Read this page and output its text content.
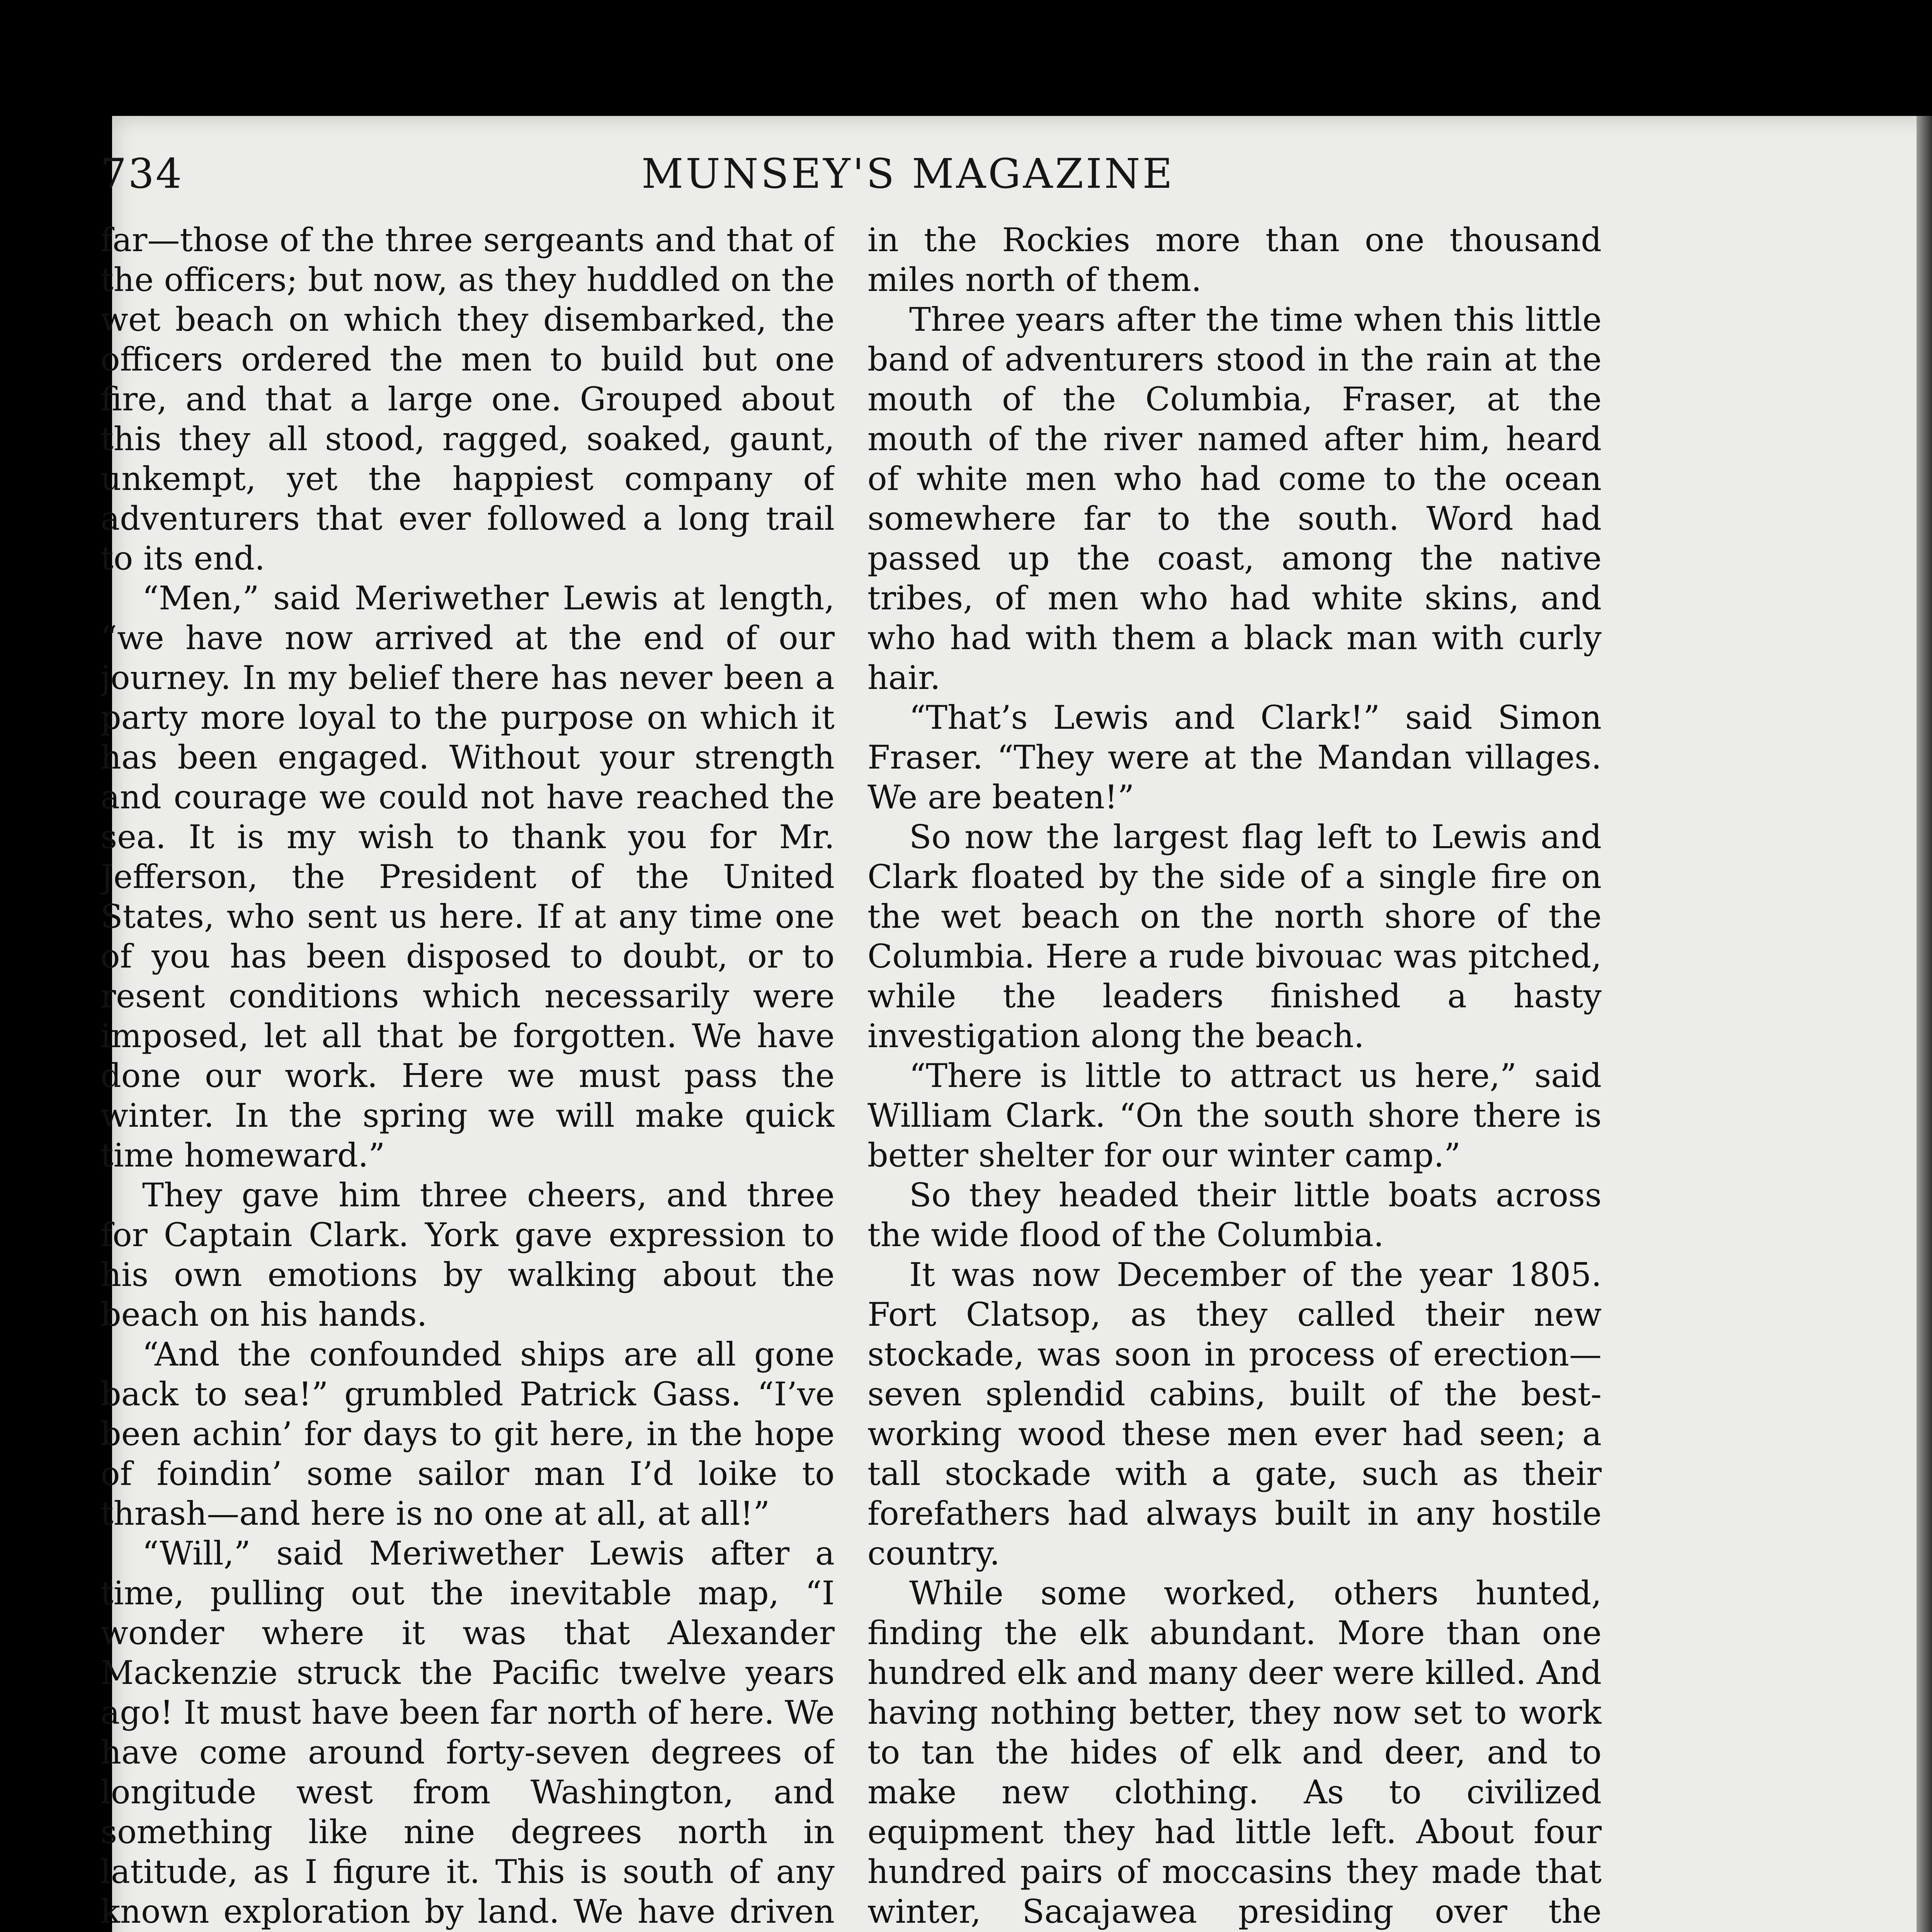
734	MUNSEY'S MAGAZINE

far—those of the three sergeants and that of the officers; but now, as they huddled on the wet beach on which they disembarked, the officers ordered the men to build but one fire, and that a large one. Grouped about this they all stood, ragged, soaked, gaunt, unkempt, yet the happiest company of adventurers that ever followed a long trail to its end.

“Men,” said Meriwether Lewis at length, “we have now arrived at the end of our journey. In my belief there has never been a party more loyal to the purpose on which it has been engaged. Without your strength and courage we could not have reached the sea. It is my wish to thank you for Mr. Jefferson, the President of the United States, who sent us here. If at any time one of you has been disposed to doubt, or to resent conditions which necessarily were imposed, let all that be forgotten. We have done our work. Here we must pass the winter. In the spring we will make quick time homeward.”

They gave him three cheers, and three for Captain Clark. York gave expression to his own emotions by walking about the beach on his hands.

“And the confounded ships are all gone back to sea!” grumbled Patrick Gass. “I’ve been achin’ for days to git here, in the hope of foindin’ some sailor man I’d loike to thrash—and here is no one at all, at all!”

“Will,” said Meriwether Lewis after a time, pulling out the inevitable map, “I wonder where it was that Alexander Mackenzie struck the Pacific twelve years ago! It must have been far north of here. We have come around forty-seven degrees of longitude west from Washington, and something like nine degrees north in latitude, as I figure it. This is south of any known exploration by land. We have driven

in the Rockies more than one thousand miles north of them.

Three years after the time when this little band of adventurers stood in the rain at the mouth of the Columbia, Fraser, at the mouth of the river named after him, heard of white men who had come to the ocean somewhere far to the south. Word had passed up the coast, among the native tribes, of men who had white skins, and who had with them a black man with curly hair.

“That’s Lewis and Clark!” said Simon Fraser. “They were at the Mandan villages. We are beaten!”

So now the largest flag left to Lewis and Clark floated by the side of a single fire on the wet beach on the north shore of the Columbia. Here a rude bivouac was pitched, while the leaders finished a hasty investigation along the beach.

“There is little to attract us here,” said William Clark. “On the south shore there is better shelter for our winter camp.”

So they headed their little boats across the wide flood of the Columbia.

It was now December of the year 1805. Fort Clatsop, as they called their new stockade, was soon in process of erection—seven splendid cabins, built of the best-working wood these men ever had seen; a tall stockade with a gate, such as their forefathers had always built in any hostile country.

While some worked, others hunted, finding the elk abundant. More than one hundred elk and many deer were killed. And having nothing better, they now set to work to tan the hides of elk and deer, and to make new clothing. As to civilized equipment they had little left. About four hundred pairs of moccasins they made that winter, Sacajawea presiding over the
